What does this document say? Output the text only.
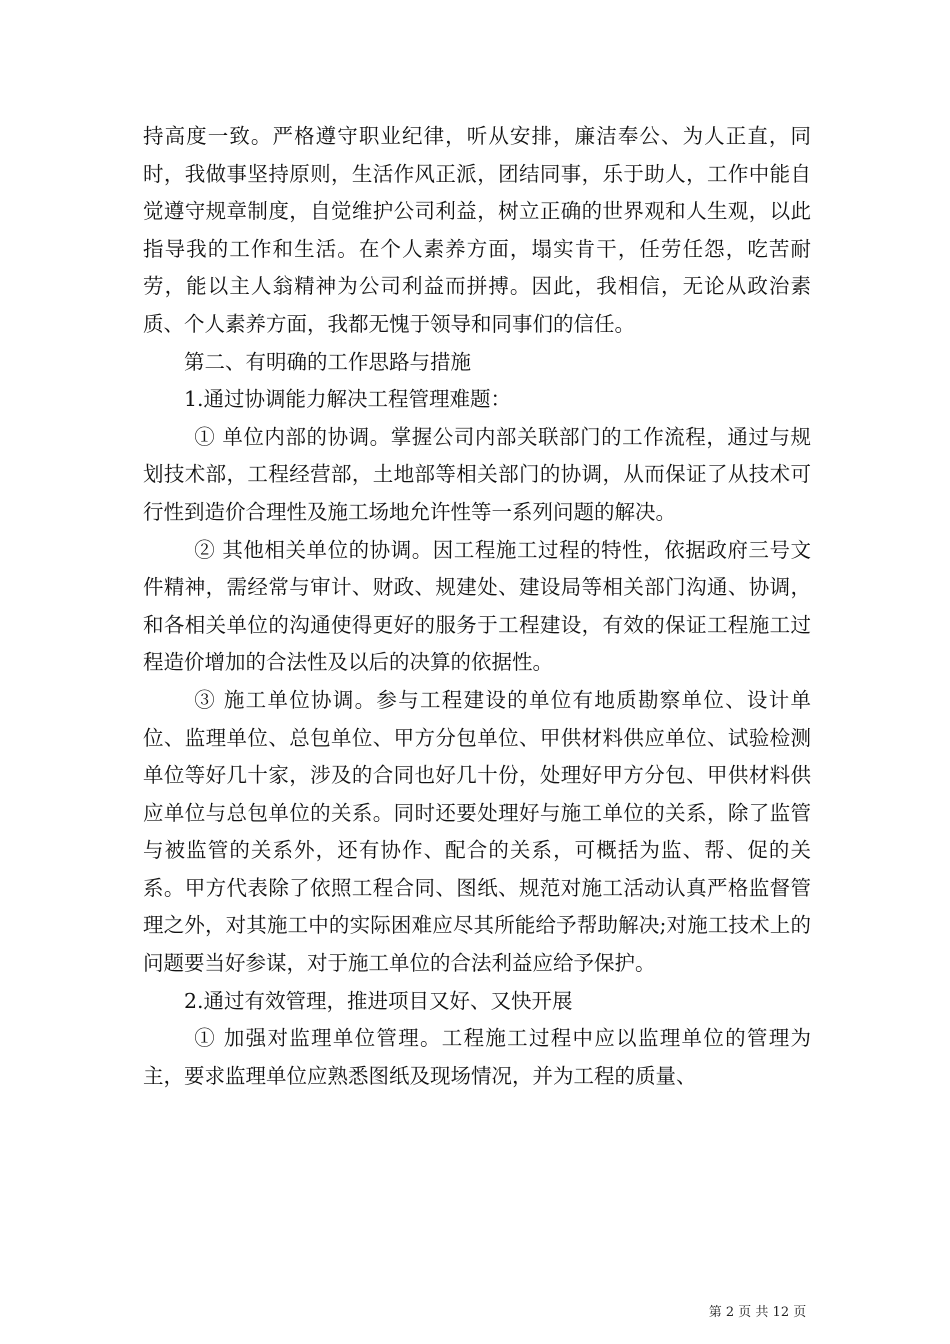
持高度一致。严格遵守职业纪律，听从安排，廉洁奉公、为人正直，同时，我做事坚持原则，生活作风正派，团结同事，乐于助人，工作中能自觉遵守规章制度，自觉维护公司利益，树立正确的世界观和人生观，以此指导我的工作和生活。在个人素养方面，塌实肯干，任劳任怨，吃苦耐劳，能以主人翁精神为公司利益而拼搏。因此，我相信，无论从政治素质、个人素养方面，我都无愧于领导和同事们的信任。

第二、有明确的工作思路与措施

1.通过协调能力解决工程管理难题：

① 单位内部的协调。掌握公司内部关联部门的工作流程，通过与规划技术部，工程经营部，土地部等相关部门的协调，从而保证了从技术可行性到造价合理性及施工场地允许性等一系列问题的解决。

② 其他相关单位的协调。因工程施工过程的特性，依据政府三号文件精神，需经常与审计、财政、规建处、建设局等相关部门沟通、协调，和各相关单位的沟通使得更好的服务于工程建设，有效的保证工程施工过程造价增加的合法性及以后的决算的依据性。

③ 施工单位协调。参与工程建设的单位有地质勘察单位、设计单位、监理单位、总包单位、甲方分包单位、甲供材料供应单位、试验检测单位等好几十家，涉及的合同也好几十份，处理好甲方分包、甲供材料供应单位与总包单位的关系。同时还要处理好与施工单位的关系，除了监管与被监管的关系外，还有协作、配合的关系，可概括为监、帮、促的关系。甲方代表除了依照工程合同、图纸、规范对施工活动认真严格监督管理之外，对其施工中的实际困难应尽其所能给予帮助解决;对施工技术上的问题要当好参谋，对于施工单位的合法利益应给予保护。

2.通过有效管理，推进项目又好、又快开展

① 加强对监理单位管理。工程施工过程中应以监理单位的管理为主，要求监理单位应熟悉图纸及现场情况，并为工程的质量、

第 2 页 共 12 页
